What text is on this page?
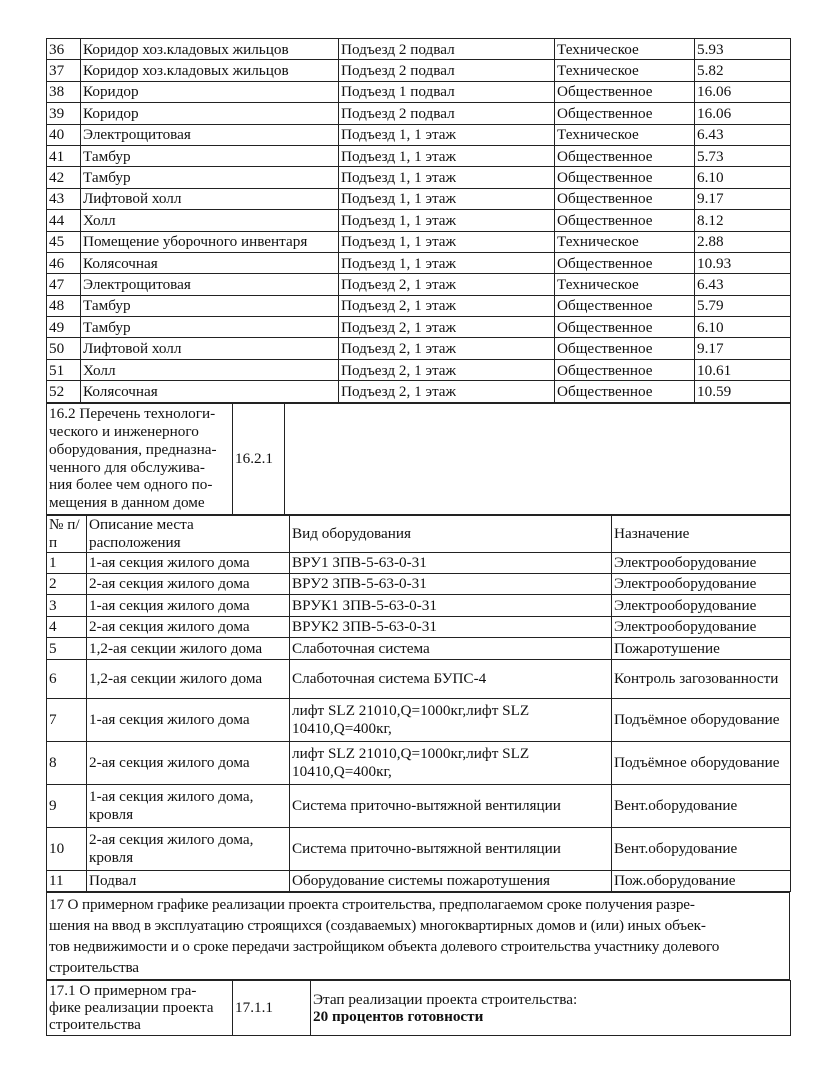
36	Коридор хоз.кладовых жильцов	Подъезд 2 подвал	Техническое	5.93
37	Коридор хоз.кладовых жильцов	Подъезд 2 подвал	Техническое	5.82
38	Коридор	Подъезд 1 подвал	Общественное	16.06
39	Коридор	Подъезд 2 подвал	Общественное	16.06
40	Электрощитовая	Подъезд 1, 1 этаж	Техническое	6.43
41	Тамбур	Подъезд 1, 1 этаж	Общественное	5.73
42	Тамбур	Подъезд 1, 1 этаж	Общественное	6.10
43	Лифтовой холл	Подъезд 1, 1 этаж	Общественное	9.17
44	Холл	Подъезд 1, 1 этаж	Общественное	8.12
45	Помещение уборочного инвентаря	Подъезд 1, 1 этаж	Техническое	2.88
46	Колясочная	Подъезд 1, 1 этаж	Общественное	10.93
47	Электрощитовая	Подъезд 2, 1 этаж	Техническое	6.43
48	Тамбур	Подъезд 2, 1 этаж	Общественное	5.79
49	Тамбур	Подъезд 2, 1 этаж	Общественное	6.10
50	Лифтовой холл	Подъезд 2, 1 этаж	Общественное	9.17
51	Холл	Подъезд 2, 1 этаж	Общественное	10.61
52	Колясочная	Подъезд 2, 1 этаж	Общественное	10.59
16.2 Перечень технологи-
ческого и инженерного
оборудования, предназна-
ченного для обслужива-
ния более чем одного по-
мещения в данном доме
	16.2.1	
№ п/п	Описание места расположения	Вид оборудования	Назначение
1	1-ая секция жилого дома	ВРУ1 ЗПВ-5-63-0-31	Электрооборудование
2	2-ая секция жилого дома	ВРУ2 ЗПВ-5-63-0-31	Электрооборудование
3	1-ая секция жилого дома	ВРУК1 ЗПВ-5-63-0-31	Электрооборудование
4	2-ая секция жилого дома	ВРУК2 ЗПВ-5-63-0-31	Электрооборудование
5	1,2-ая секции жилого дома	Слаботочная система	Пожаротушение
6	1,2-ая секции жилого дома	Слаботочная система БУПС-4	Контроль загозованности
7	1-ая секция жилого дома	лифт SLZ 21010,Q=1000кг,лифт SLZ 10410,Q=400кг,	Подъёмное оборудование
8	2-ая секция жилого дома	лифт SLZ 21010,Q=1000кг,лифт SLZ 10410,Q=400кг,	Подъёмное оборудование
9	1-ая секция жилого дома, кровля	Система приточно-вытяжной вентиляции	Вент.оборудование
10	2-ая секция жилого дома, кровля	Система приточно-вытяжной вентиляции	Вент.оборудование
11	Подвал	Оборудование системы пожаротушения	Пож.оборудование
17 О примерном графике реализации проекта строительства, предполагаемом сроке получения разре-
шения на ввод в эксплуатацию строящихся (создаваемых) многоквартирных домов и (или) иных объек-
тов недвижимости и о сроке передачи застройщиком объекта долевого строительства участнику долевого
строительства
17.1 О примерном гра-
фике реализации проекта
строительства
	17.1.1	Этап реализации проекта строительства:
20 процентов готовности
